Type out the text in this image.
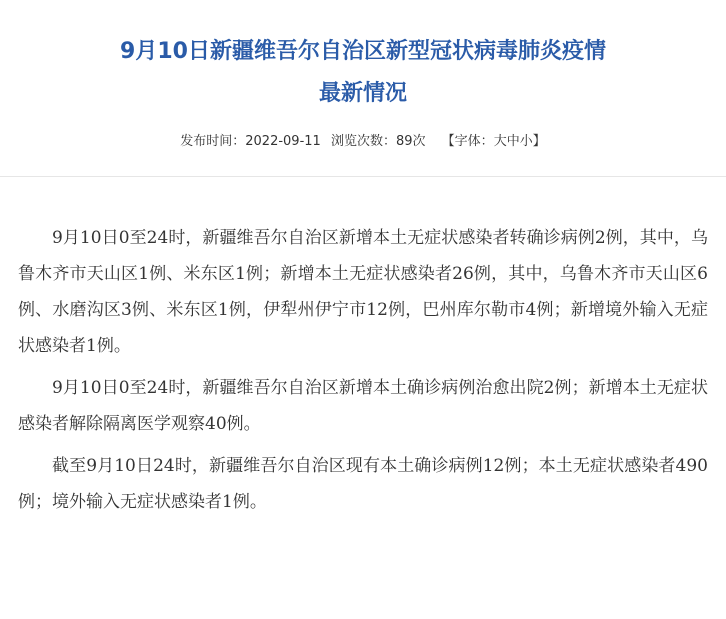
9月10日新疆维吾尔自治区新型冠状病毒肺炎疫情
最新情况
发布时间：2022-09-11 浏览次数：89次 【字体：大中小】

9月10日0至24时，新疆维吾尔自治区新增本土无症状感染者转确诊病例2例，其中，乌鲁木齐市天山区1例、米东区1例；新增本土无症状感染者26例，其中，乌鲁木齐市天山区6例、水磨沟区3例、米东区1例，伊犁州伊宁市12例，巴州库尔勒市4例；新增境外输入无症状感染者1例。

9月10日0至24时，新疆维吾尔自治区新增本土确诊病例治愈出院2例；新增本土无症状感染者解除隔离医学观察40例。

截至9月10日24时，新疆维吾尔自治区现有本土确诊病例12例；本土无症状感染者490例；境外输入无症状感染者1例。
